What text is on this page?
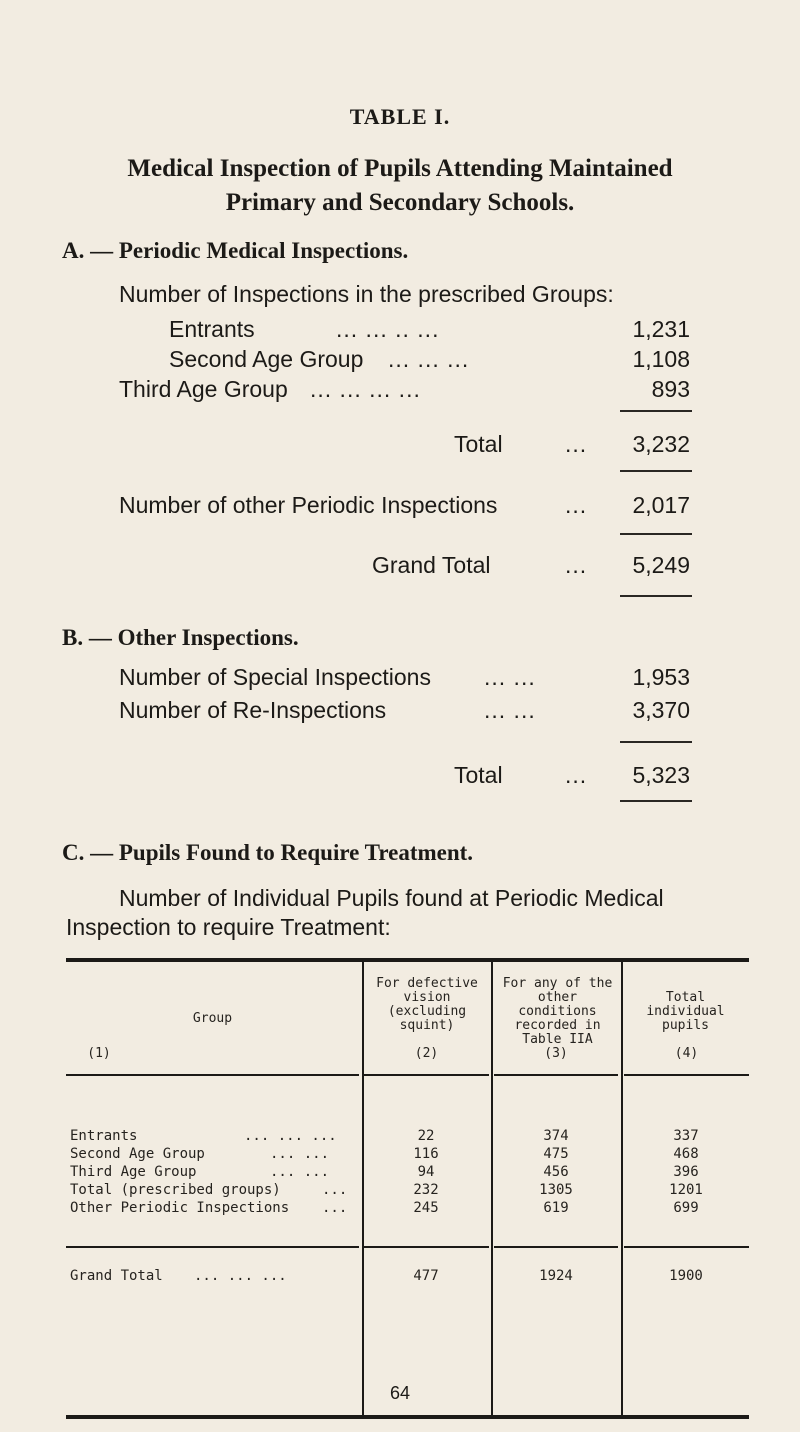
TABLE I.
Medical Inspection of Pupils Attending Maintained Primary and Secondary Schools.
A. — Periodic Medical Inspections.
Number of Inspections in the prescribed Groups:
Entrants	... ... .. ...	1,231
Second Age Group ... ... ...	1,108
Third Age Group ... ... ... ...	893
Total	...	3,232
Number of other Periodic Inspections	...	2,017
Grand Total	...	5,249
B. — Other Inspections.
Number of Special Inspections ... ...	1,953
Number of Re-Inspections	... ...	3,370
Total	...	5,323
C. — Pupils Found to Require Treatment.
Number of Individual Pupils found at Periodic Medical
Inspection to require Treatment:
Group
For defective vision (excluding squint)
For any of the other conditions recorded in Table IIA
Total individual pupils
(1)	(2)	(3)	(4)
Entrants	... ... ...	22	374	337
Second Age Group	... ...	116	475	468
Third Age Group	... ...	94	456	396
Total (prescribed groups)	...	232	1305	1201
Other Periodic Inspections ...	245	619	699
Grand Total ... ... ...	477	1924	1900
64
